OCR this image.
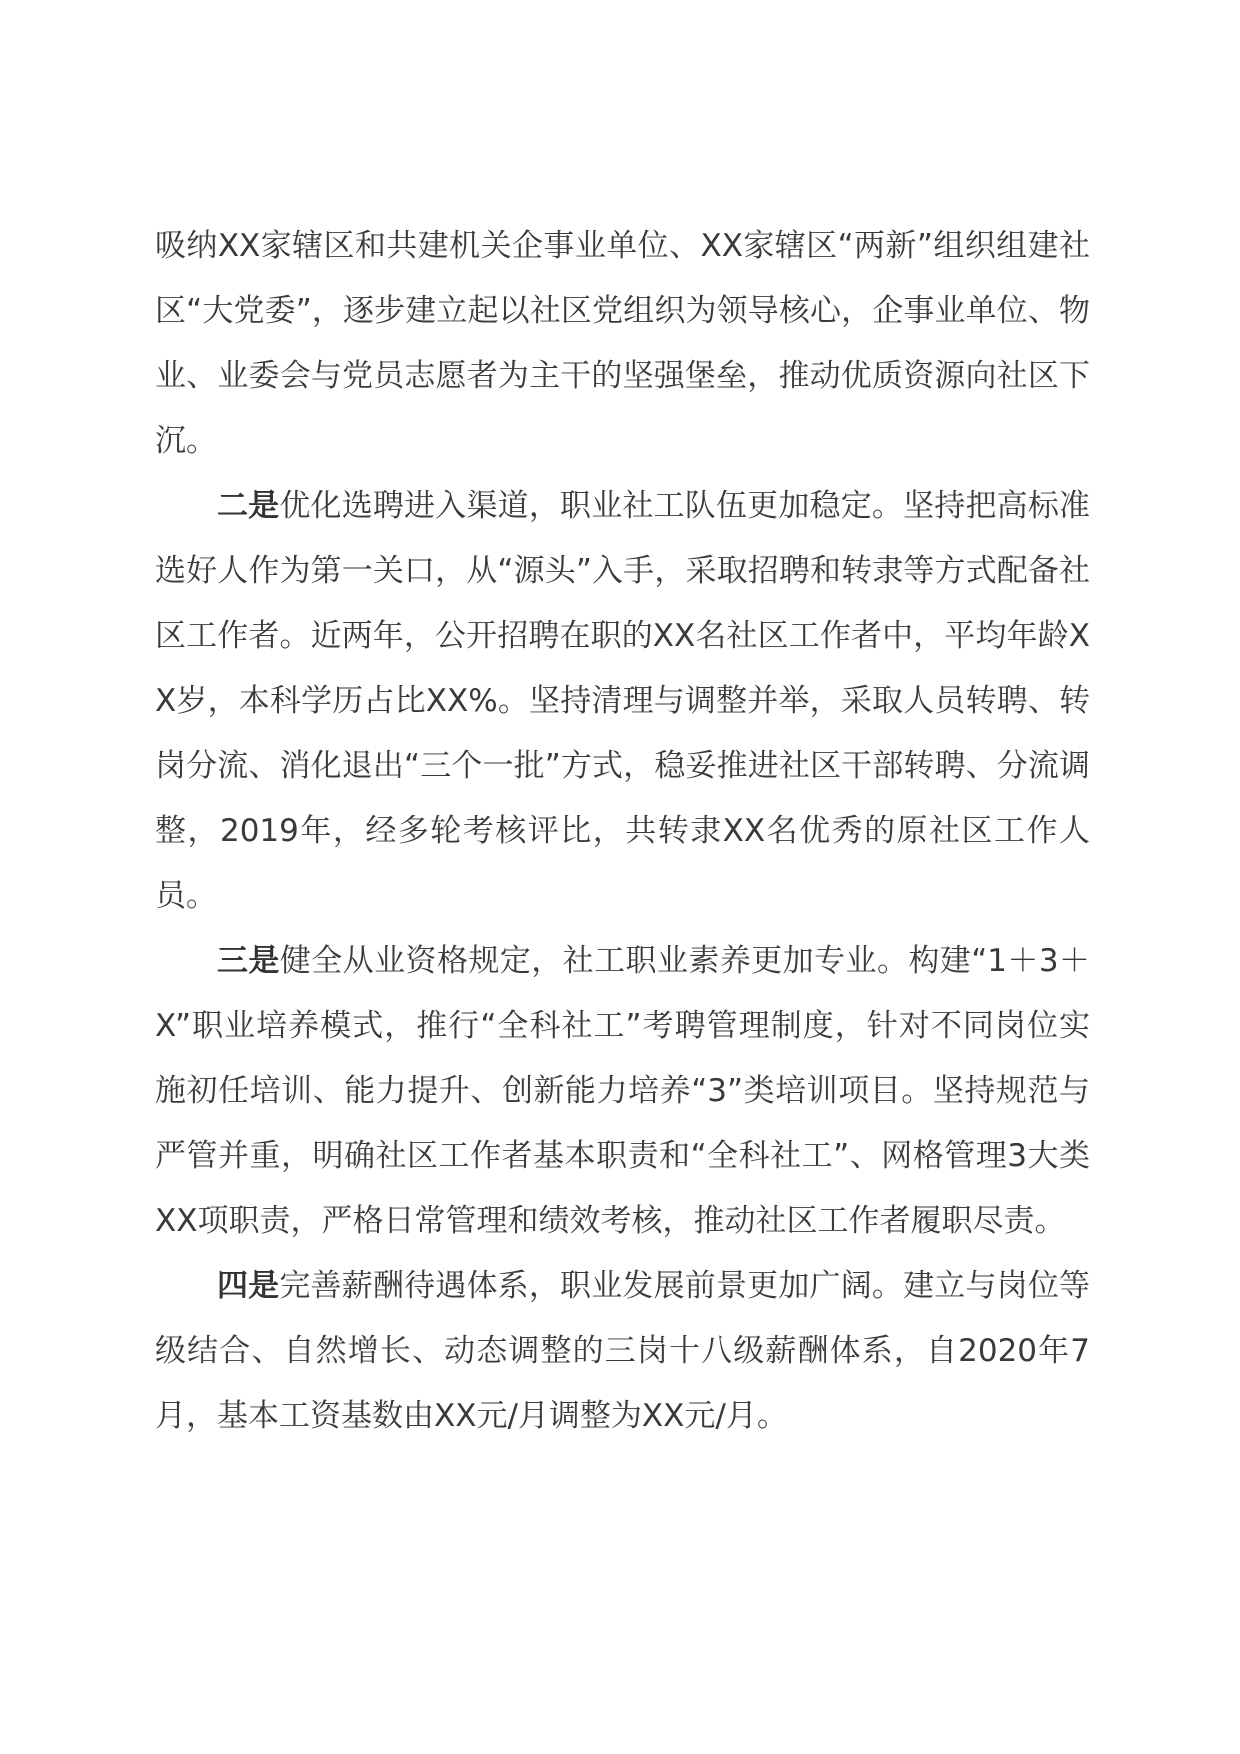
吸纳XX家辖区和共建机关企事业单位、XX家辖区“两新”组织组建社区“大党委”，逐步建立起以社区党组织为领导核心，企事业单位、物业、业委会与党员志愿者为主干的坚强堡垒，推动优质资源向社区下沉。

二是优化选聘进入渠道，职业社工队伍更加稳定。坚持把高标准选好人作为第一关口，从“源头”入手，采取招聘和转隶等方式配备社区工作者。近两年，公开招聘在职的XX名社区工作者中，平均年龄XX岁，本科学历占比XX%。坚持清理与调整并举，采取人员转聘、转岗分流、消化退出“三个一批”方式，稳妥推进社区干部转聘、分流调整，2019年，经多轮考核评比，共转隶XX名优秀的原社区工作人员。

三是健全从业资格规定，社工职业素养更加专业。构建“1＋3＋X”职业培养模式，推行“全科社工”考聘管理制度，针对不同岗位实施初任培训、能力提升、创新能力培养“3”类培训项目。坚持规范与严管并重，明确社区工作者基本职责和“全科社工”、网格管理3大类XX项职责，严格日常管理和绩效考核，推动社区工作者履职尽责。

四是完善薪酬待遇体系，职业发展前景更加广阔。建立与岗位等级结合、自然增长、动态调整的三岗十八级薪酬体系，自2020年7月，基本工资基数由XX元/月调整为XX元/月。
